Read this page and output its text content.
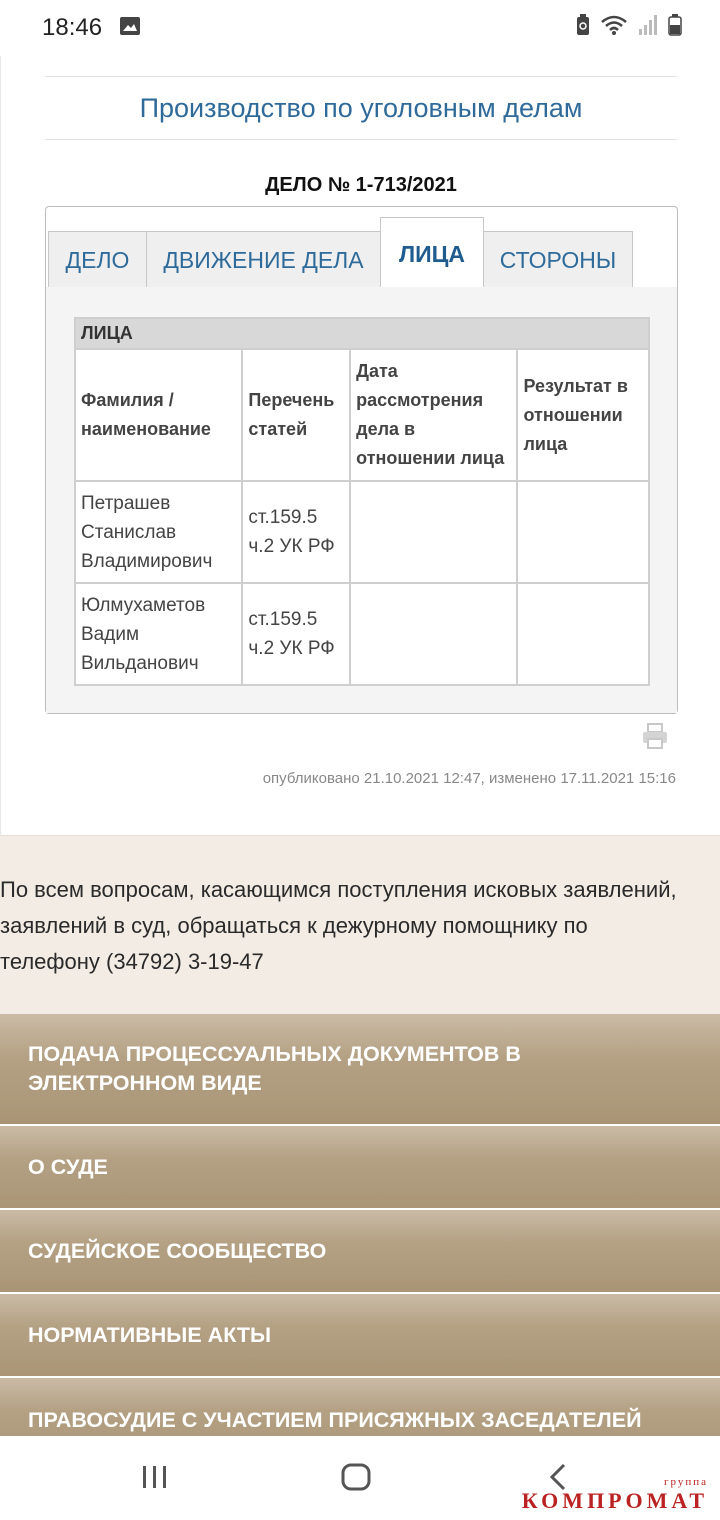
18:46
Производство по уголовным делам
ДЕЛО № 1-713/2021
ДЕЛО ДВИЖЕНИЕ ДЕЛА ЛИЦА СТОРОНЫ
ЛИЦА			
Фамилия / наименование	Перечень статей	Дата рассмотрения дела в отношении лица	Результат в отношении лица
Петрашев Станислав Владимирович	ст.159.5 ч.2 УК РФ		
Юлмухаметов Вадим Вильданович	ст.159.5 ч.2 УК РФ		
опубликовано 21.10.2021 12:47, изменено 17.11.2021 15:16

По всем вопросам, касающимся поступления исковых заявлений, заявлений в суд, обращаться к дежурному помощнику по телефону (34792) 3-19-47

ПОДАЧА ПРОЦЕССУАЛЬНЫХ ДОКУМЕНТОВ В ЭЛЕКТРОННОМ ВИДЕ
О СУДЕ
СУДЕЙСКОЕ СООБЩЕСТВО
НОРМАТИВНЫЕ АКТЫ
ПРАВОСУДИЕ С УЧАСТИЕМ ПРИСЯЖНЫХ ЗАСЕДАТЕЛЕЙ
группа
КОМПРОМАТ
